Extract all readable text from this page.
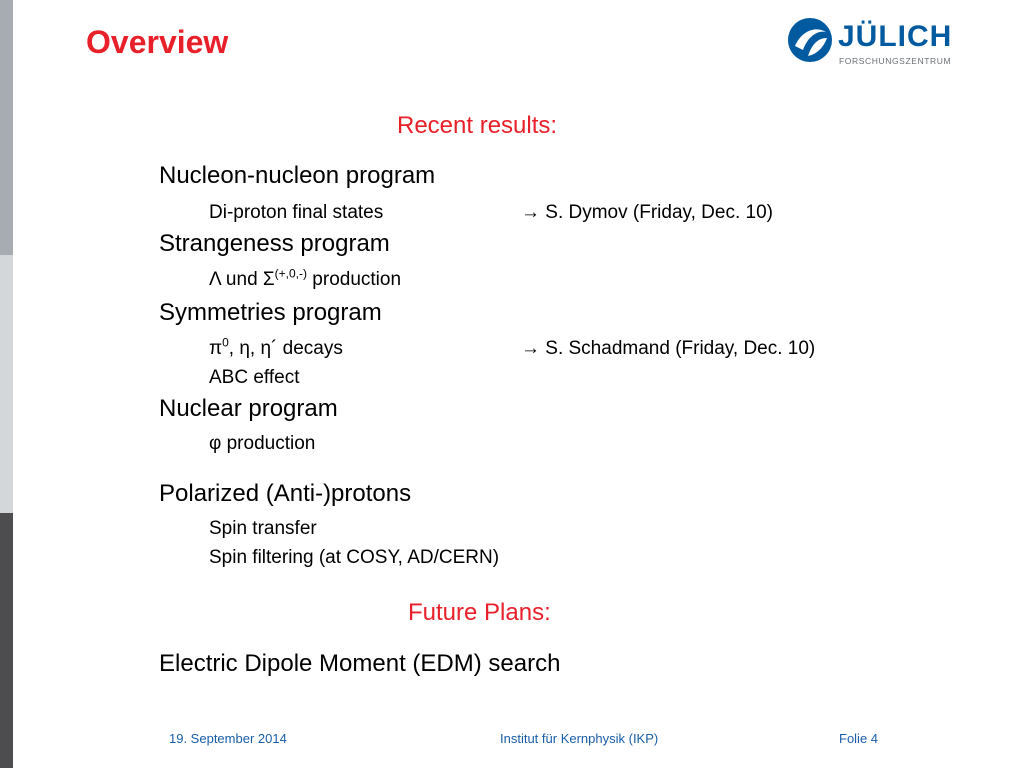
Overview	JÜLICH
FORSCHUNGSZENTRUM
Recent results:
Nucleon-nucleon program
Di-proton final states	→ S. Dymov (Friday, Dec. 10)
Strangeness program
Λ und $\Sigma^{(+,0,-)}$ production
Symmetries program
$\pi^0$, η, η´ decays	→ S. Schadmand (Friday, Dec. 10)
ABC effect
Nuclear program
φ production
Polarized (Anti-)protons
Spin transfer
Spin filtering (at COSY, AD/CERN)
Future Plans:
Electric Dipole Moment (EDM) search
19. September 2014	Institut für Kernphysik (IKP)	Folie 4
